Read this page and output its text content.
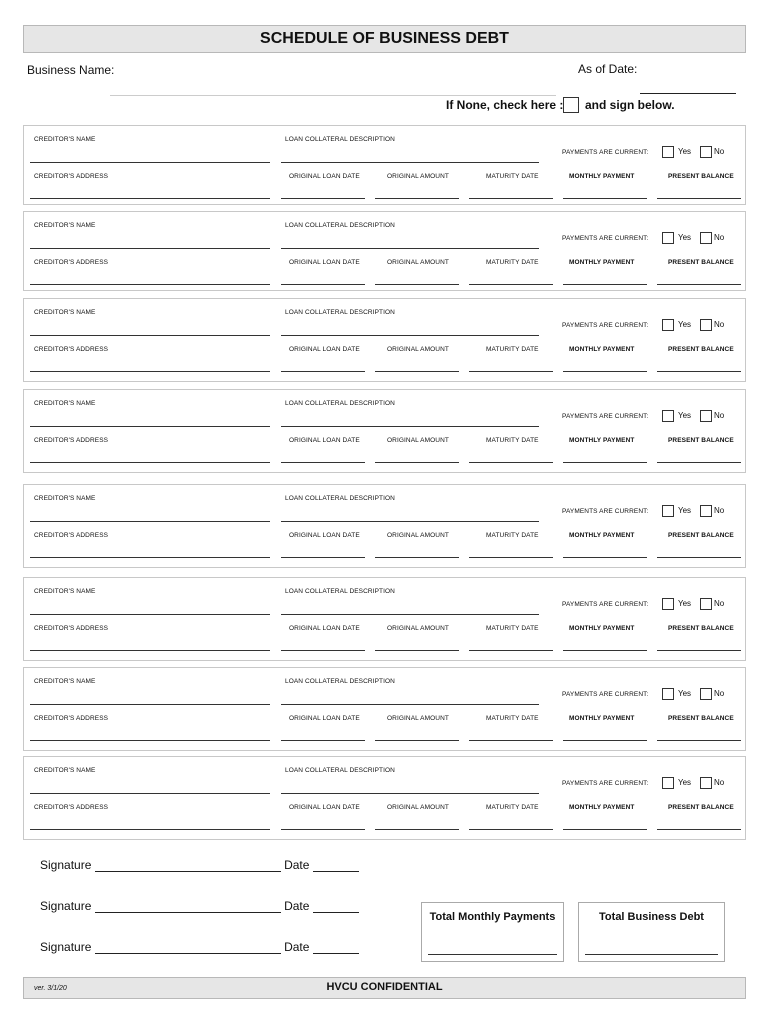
SCHEDULE OF BUSINESS DEBT
Business Name:	As of Date:
If None, check here : and sign below.
CREDITOR'S NAME	LOAN COLLATERAL DESCRIPTION
PAYMENTS ARE CURRENT:	Yes	No
CREDITOR'S ADDRESS	ORIGINAL LOAN DATE	ORIGINAL AMOUNT	MATURITY DATE	MONTHLY PAYMENT	PRESENT BALANCE
CREDITOR'S NAME	LOAN COLLATERAL DESCRIPTION
PAYMENTS ARE CURRENT:	Yes	No
CREDITOR'S ADDRESS	ORIGINAL LOAN DATE	ORIGINAL AMOUNT	MATURITY DATE	MONTHLY PAYMENT	PRESENT BALANCE
CREDITOR'S NAME	LOAN COLLATERAL DESCRIPTION
PAYMENTS ARE CURRENT:	Yes	No
CREDITOR'S ADDRESS	ORIGINAL LOAN DATE	ORIGINAL AMOUNT	MATURITY DATE	MONTHLY PAYMENT	PRESENT BALANCE
CREDITOR'S NAME	LOAN COLLATERAL DESCRIPTION
PAYMENTS ARE CURRENT:	Yes	No
CREDITOR'S ADDRESS	ORIGINAL LOAN DATE	ORIGINAL AMOUNT	MATURITY DATE	MONTHLY PAYMENT	PRESENT BALANCE
CREDITOR'S NAME	LOAN COLLATERAL DESCRIPTION
PAYMENTS ARE CURRENT:	Yes	No
CREDITOR'S ADDRESS	ORIGINAL LOAN DATE	ORIGINAL AMOUNT	MATURITY DATE	MONTHLY PAYMENT	PRESENT BALANCE
CREDITOR'S NAME	LOAN COLLATERAL DESCRIPTION
PAYMENTS ARE CURRENT:	Yes	No
CREDITOR'S ADDRESS	ORIGINAL LOAN DATE	ORIGINAL AMOUNT	MATURITY DATE	MONTHLY PAYMENT	PRESENT BALANCE
CREDITOR'S NAME	LOAN COLLATERAL DESCRIPTION
PAYMENTS ARE CURRENT:	Yes	No
CREDITOR'S ADDRESS	ORIGINAL LOAN DATE	ORIGINAL AMOUNT	MATURITY DATE	MONTHLY PAYMENT	PRESENT BALANCE
CREDITOR'S NAME	LOAN COLLATERAL DESCRIPTION
PAYMENTS ARE CURRENT:	Yes	No
CREDITOR'S ADDRESS	ORIGINAL LOAN DATE	ORIGINAL AMOUNT	MATURITY DATE	MONTHLY PAYMENT	PRESENT BALANCE
Signature	Date
Signature	Date
Signature	Date
Total Monthly Payments	Total Business Debt
ver. 3/1/20	HVCU CONFIDENTIAL
